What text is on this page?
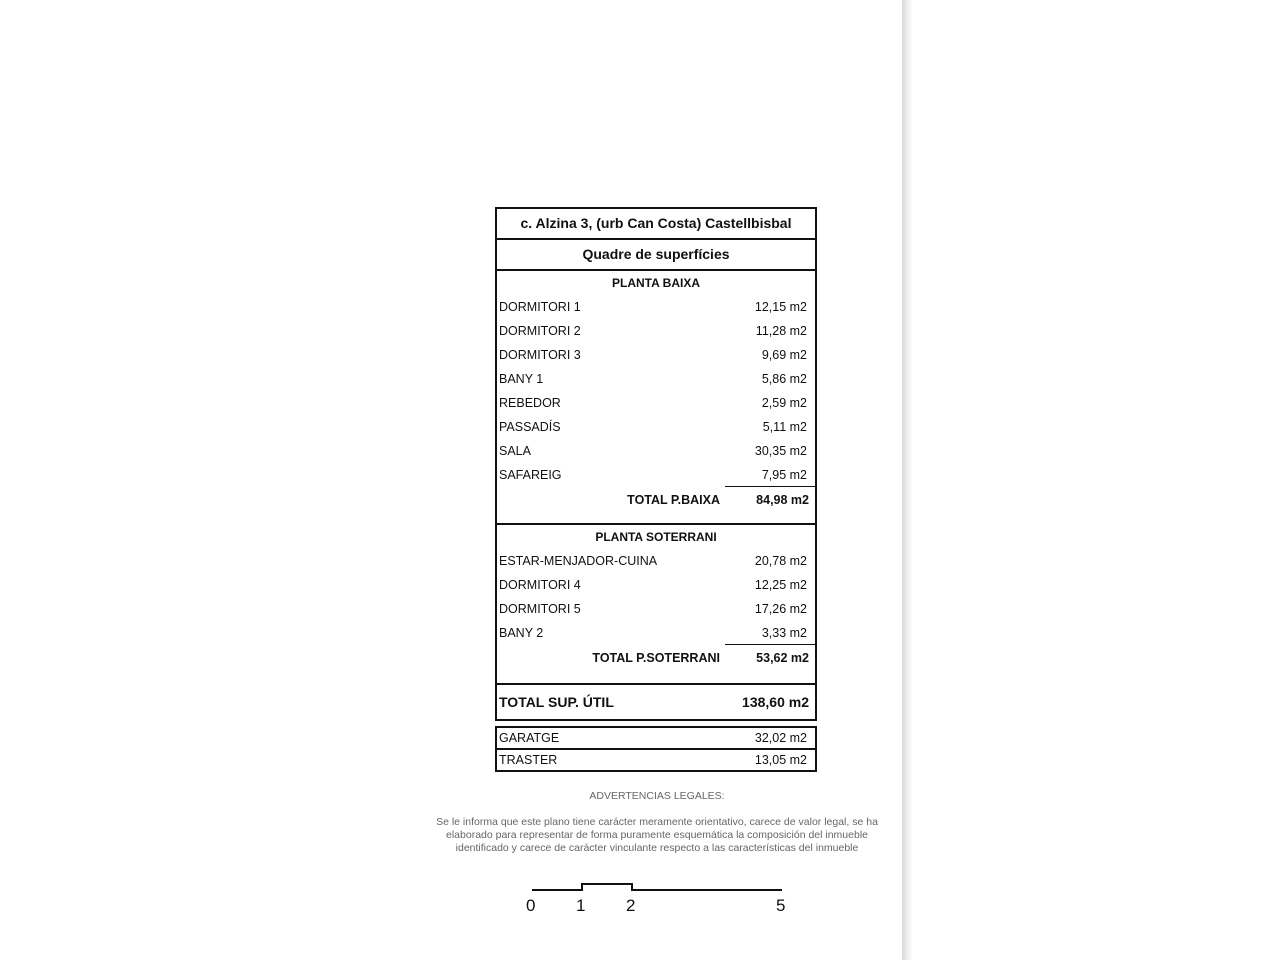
c. Alzina 3, (urb Can Costa) Castellbisbal
Quadre de superfícies
PLANTA BAIXA
DORMITORI 1	12,15 m2
DORMITORI 2	11,28 m2
DORMITORI 3	9,69 m2
BANY 1	5,86 m2
REBEDOR	2,59 m2
PASSADÍS	5,11 m2
SALA	30,35 m2
SAFAREIG	7,95 m2
TOTAL P.BAIXA	84,98 m2
PLANTA SOTERRANI
ESTAR-MENJADOR-CUINA	20,78 m2
DORMITORI 4	12,25 m2
DORMITORI 5	17,26 m2
BANY 2	3,33 m2
TOTAL P.SOTERRANI	53,62 m2
TOTAL SUP. ÚTIL	138,60 m2
GARATGE	32,02 m2
TRASTER	13,05 m2
ADVERTENCIAS LEGALES:
Se le informa que este plano tiene carácter meramente orientativo, carece de valor legal, se ha elaborado para representar de forma puramente esquemática la composición del inmueble identificado y carece de carácter vinculante respecto a las características del inmueble
0 1 2	5
